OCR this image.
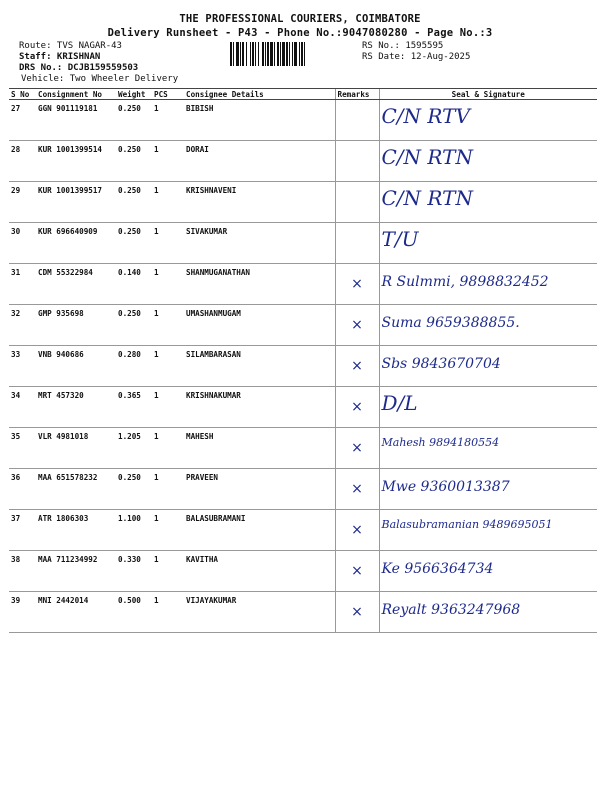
THE PROFESSIONAL COURIERS, COIMBATORE
Delivery Runsheet - P43 - Phone No.:9047080280 - Page No.:3
Route: TVS NAGAR-43
Staff: KRISHNAN
DRS No.: DCJB159559503
Vehicle: Two Wheeler Delivery
RS No.: 1595595
RS Date: 12-Aug-2025
S No	Consignment No	Weight	PCS	Consignee Details	Remarks	Seal & Signature

27	GGN 901119181	0.250	1	BIBISH		C/N RTV

28	KUR 1001399514	0.250	1	DORAI		C/N RTN

29	KUR 1001399517	0.250	1	KRISHNAVENI		C/N RTN

30	KUR 696640909	0.250	1	SIVAKUMAR		T/U

31	CDM 55322984	0.140	1	SHANMUGANATHAN	×	R Sulmmi, 9898832452

32	GMP 935698	0.250	1	UMASHANMUGAM	×	Suma 9659388855.

33	VNB 940686	0.280	1	SILAMBARASAN	×	Sbs 9843670704

34	MRT 457320	0.365	1	KRISHNAKUMAR	×	D/L

35	VLR 4981018	1.205	1	MAHESH	×	Mahesh 9894180554

36	MAA 651578232	0.250	1	PRAVEEN	×	Mwe 9360013387

37	ATR 1806303	1.100	1	BALASUBRAMANI	×	Balasubramanian 9489695051

38	MAA 711234992	0.330	1	KAVITHA	×	Ke 9566364734

39	MNI 2442014	0.500	1	VIJAYAKUMAR	×	Reyalt 9363247968
